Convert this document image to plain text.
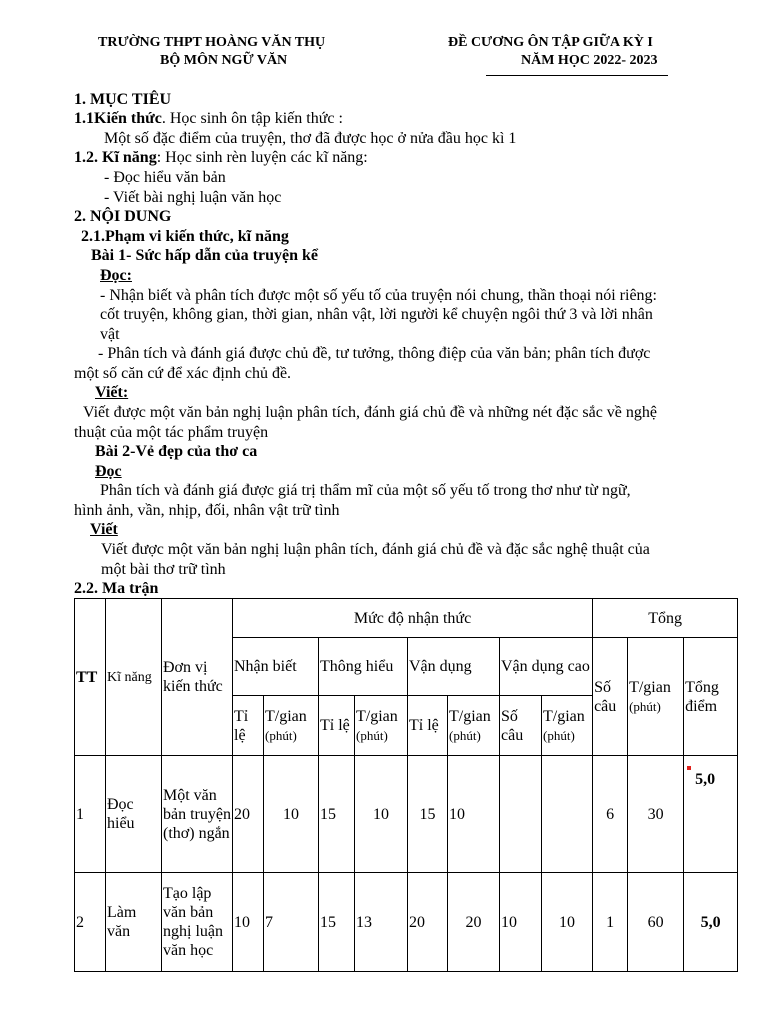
TRƯỜNG THPT HOÀNG VĂN THỤ
BỘ MÔN NGỮ VĂN
ĐỀ CƯƠNG ÔN TẬP GIỮA KỲ I
NĂM HỌC 2022- 2023
1. MỤC TIÊU
1.1Kiến thức. Học sinh ôn tập kiến thức :
Một số đặc điểm của truyện, thơ đã được học ở nửa đầu học kì 1
1.2. Kĩ năng: Học sinh rèn luyện các kĩ năng:
- Đọc hiểu văn bản
- Viết bài nghị luận văn học
2. NỘI DUNG
2.1.Phạm vi kiến thức, kĩ năng
Bài 1- Sức hấp dẫn của truyện kể
Đọc:
- Nhận biết và phân tích được một số yếu tố của truyện nói chung, thần thoại nói riêng:
cốt truyện, không gian, thời gian, nhân vật, lời người kể chuyện ngôi thứ 3 và lời nhân
vật
- Phân tích và đánh giá được chủ đề, tư tưởng, thông điệp của văn bản; phân tích được
một số căn cứ để xác định chủ đề.
Viết:
Viết được một văn bản nghị luận phân tích, đánh giá chủ đề và những nét đặc sắc về nghệ
thuật của một tác phẩm truyện
Bài 2-Vẻ đẹp của thơ ca
Đọc
Phân tích và đánh giá được giá trị thẩm mĩ của một số yếu tố trong thơ như từ ngữ,
hình ảnh, vần, nhịp, đối, nhân vật trữ tình
Viết
Viết được một văn bản nghị luận phân tích, đánh giá chủ đề và đặc sắc nghệ thuật của
một bài thơ trữ tình
2.2. Ma trận
TT	Kĩ năng	Đơn vị kiến thức	Mức độ nhận thức								Tổng		
			Nhận biết		Thông hiểu		Vận dụng		Vận dụng cao		Số câu	T/gian
(phút)	Tổng điểm
			Tỉ lệ	T/gian
(phút)	Tỉ lệ	T/gian
(phút)	Tỉ lệ	T/gian
(phút)	Số câu	T/gian
(phút)			
1	Đọc hiểu	Một văn bản truyện (thơ) ngắn	20	10	15	10	15	10			6	30	5,0
2	Làm văn	Tạo lập văn bản nghị luận văn học	10	7	15	13	20	20	10	10	1	60	5,0
